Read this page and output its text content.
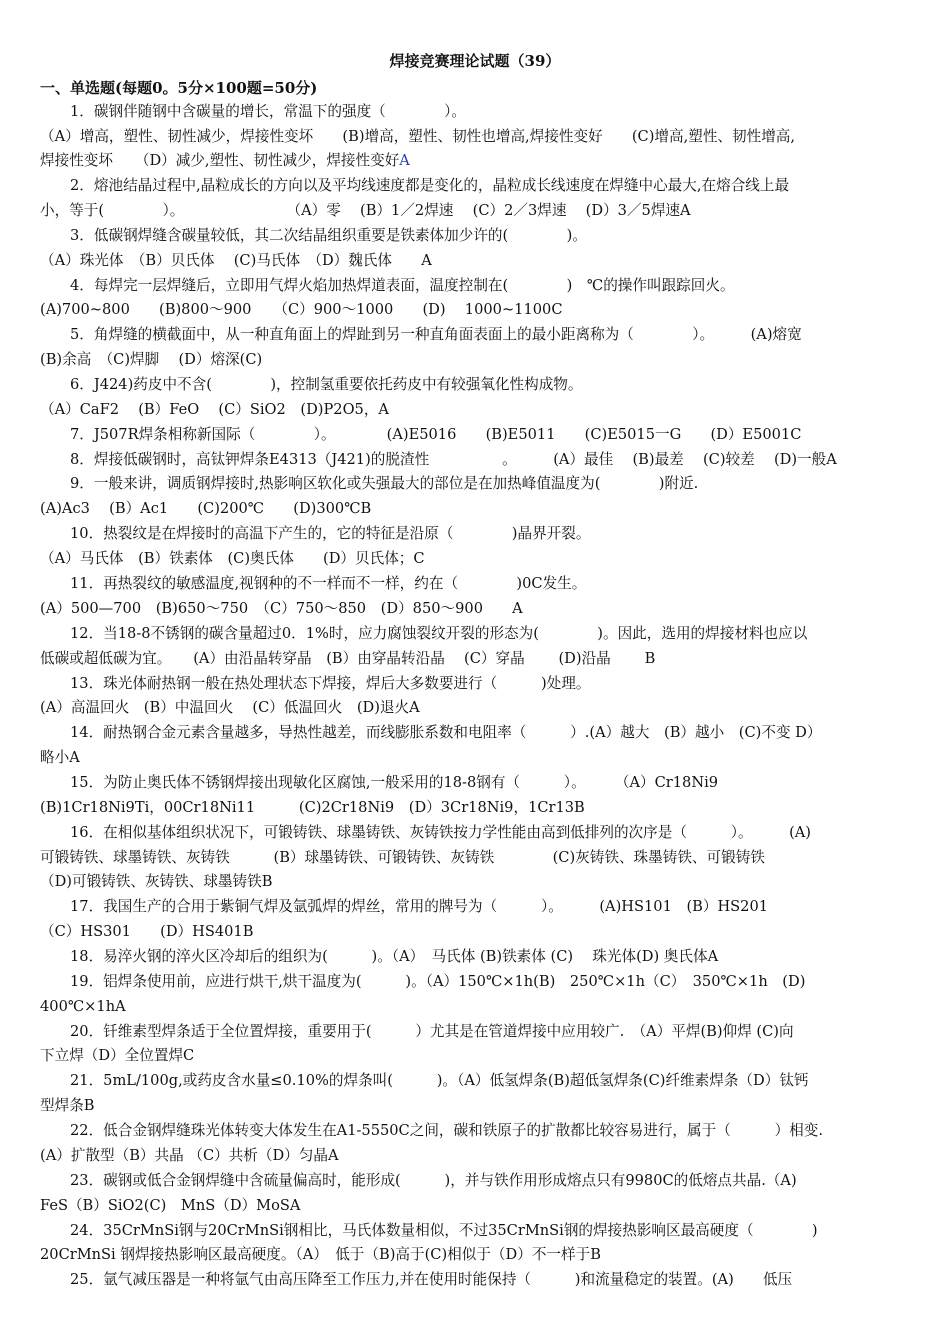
焊接竞赛理论试题（39）
一、单选题(每题0。5分×100题=50分)
1．碳钢伴随钢中含碳量的增长，常温下的强度（　　　　）。
（A）增高，塑性、韧性减少，焊接性变坏　　(B)增高，塑性、韧性也增高,焊接性变好　　(C)增高,塑性、韧性增高,
焊接性变坏　　（D）减少,塑性、韧性减少，焊接性变好A
2．熔池结晶过程中,晶粒成长的方向以及平均线速度都是变化的，晶粒成长线速度在焊缝中心最大,在熔合线上最
小，等于(　　　　）。　　　　　　　　（A）零　 (B）1／2焊速　 (C）2／3焊速　 (D）3／5焊速A
3．低碳钢焊缝含碳量较低，其二次结晶组织重要是铁素体加少许的(　　　　)。
（A）珠光体　（B）贝氏体　 (C)马氏体　（D）魏氏体　　A
4．每焊完一层焊缝后，立即用气焊火焰加热焊道表面，温度控制在(　　　　)　℃的操作叫跟踪回火。
(A)700~800　　(B)800～900　　（C）900～1000　　(D)　 1000~1100C
5．角焊缝的横截面中，从一种直角面上的焊趾到另一种直角面表面上的最小距离称为（　　　　）。　　　(A)熔宽
(B)余高　（C)焊脚　 (D）熔深(C)
6．J424)药皮中不含(　　　　)，控制氢重要依托药皮中有较强氧化性构成物。
（A）CaF2　 (B）FeO　 (C）SiO2　(D)P2O5，A
7．J507R焊条相称新国际（　　　　）。　　　　(A)E5016　　(B)E5011　　(C)E5015一G　　(D）E5001C
8．焊接低碳钢时，高钛钾焊条E4313（J421)的脱渣性　　　　　。　　　(A）最佳　 (B)最差　 (C)较差　 (D)一般A
9．一般来讲，调质钢焊接时,热影响区软化或失强最大的部位是在加热峰值温度为(　　　　)附近.
(A)Ac3　 (B）Ac1　　(C)200℃　　(D)300℃B
10．热裂纹是在焊接时的高温下产生的，它的特征是沿原（　　　　)晶界开裂。
（A）马氏体　(B）铁素体　(C)奥氏体　　(D）贝氏体；C
11．再热裂纹的敏感温度,视钢种的不一样而不一样，约在（　　　　)0C发生。
(A）500—700　(B)650～750　（C）750～850　(D）850～900　　A
12．当18-8不锈钢的碳含量超过0．1%时，应力腐蚀裂纹开裂的形态为(　　　　)。因此，选用的焊接材料也应以
低碳或超低碳为宜。　　(A）由沿晶转穿晶　(B）由穿晶转沿晶　 (C）穿晶　　 (D)沿晶　　 B
13．珠光体耐热钢一般在热处理状态下焊接，焊后大多数要进行（　　　)处理。
(A）高温回火　(B）中温回火　 (C）低温回火　(D)退火A
14．耐热钢合金元素含量越多，导热性越差，而线膨胀系数和电阻率（　　　）.(A）越大　(B）越小　(C)不变 D）
略小A
15．为防止奥氏体不锈钢焊接出现敏化区腐蚀,一般采用的18-8钢有（　　　）。　　　（A）Cr18Ni9
(B)1Cr18Ni9Ti，00Cr18Ni11　　　(C)2Cr18Ni9　(D）3Cr18Ni9，1Cr13B
16．在相似基体组织状况下，可锻铸铁、球墨铸铁、灰铸铁按力学性能由高到低排列的次序是（　　　）。　　　(A)
可锻铸铁、球墨铸铁、灰铸铁　　　(B）球墨铸铁、可锻铸铁、灰铸铁　　　　(C)灰铸铁、珠墨铸铁、可锻铸铁
（D)可锻铸铁、灰铸铁、球墨铸铁B
17．我国生产的合用于紫铜气焊及氩弧焊的焊丝，常用的牌号为（　　　）。　　　(A)HS101　(B）HS201
（C）HS301　　(D）HS401B
18．易淬火钢的淬火区冷却后的组织为(　　　)。（A）　马氏体 (B)铁素体 (C)　 珠光体(D) 奥氏体A
19．铝焊条使用前，应进行烘干,烘干温度为(　　　)。（A）150℃×1h(B)　250℃×1h（C）　350℃×1h　(D)
400℃×1hA
20．钎维素型焊条适于全位置焊接，重要用于(　　　）尤其是在管道焊接中应用较广.　（A）平焊(B)仰焊 (C)向
下立焊（D）全位置焊C
21．5mL/100g,或药皮含水量≤0.10%的焊条叫(　　　)。（A）低氢焊条(B)超低氢焊条(C)纤维素焊条（D）钛钙
型焊条B
22．低合金钢焊缝珠光体转变大体发生在A1-5550C之间，碳和铁原子的扩散都比较容易进行，属于（　　　）相变.
(A）扩散型（B）共晶 （C）共析（D）匀晶A
23．碳钢或低合金钢焊缝中含硫量偏高时，能形成(　　　)，并与铁作用形成熔点只有9980C的低熔点共晶.（A)
FeS（B）SiO2(C)　MnS（D）MoSA
24．35CrMnSi钢与20CrMnSi钢相比，马氏体数量相似，不过35CrMnSi钢的焊接热影响区最高硬度（　　　　)
20CrMnSi 钢焊接热影响区最高硬度。（A）　低于（B)高于(C)相似于（D）不一样于B
25．氩气减压器是一种将氩气由高压降至工作压力,并在使用时能保持（　　　)和流量稳定的装置。(A)　　低压
